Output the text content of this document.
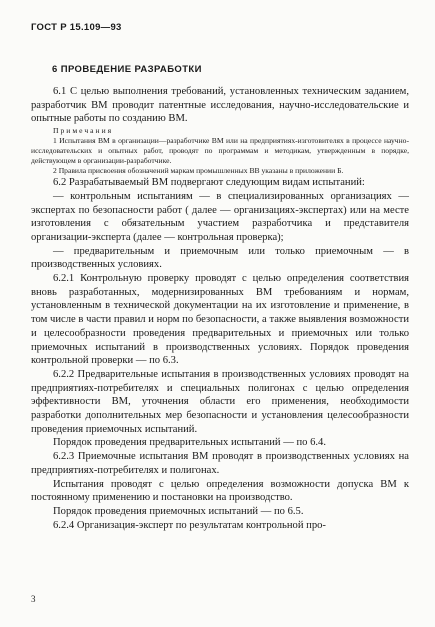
ГОСТ Р 15.109—93
6 ПРОВЕДЕНИЕ РАЗРАБОТКИ

6.1 С целью выполнения требований, установленных техническим заданием, разработчик ВМ проводит патентные исследования, научно-исследовательские и опытные работы по созданию ВМ.

Примечания

1 Испытания ВМ в организации—разработчике ВМ или на предприятиях-изготовителях в процессе научно-исследовательских и опытных работ, проводят по программам и методикам, утвержденным в порядке, действующем в организации-разработчике.

2 Правила присвоения обозначений маркам промышленных ВВ указаны в приложении Б.

6.2 Разрабатываемый ВМ подвергают следующим видам испытаний:

— контрольным испытаниям — в специализированных организациях — экспертах по безопасности работ ( далее — организациях-экспертах) или на месте изготовления с обязательным участием разработчика и представителя организации-эксперта (далее — контрольная проверка);

— предварительным и приемочным или только приемочным — в производственных условиях.

6.2.1 Контрольную проверку проводят с целью определения соответствия вновь разработанных, модернизированных ВМ требованиям и нормам, установленным в технической документации на их изготовление и применение, в том числе в части правил и норм по безопасности, а также выявления возможности и целесообразности проведения предварительных и приемочных или только приемочных испытаний в производственных условиях. Порядок проведения контрольной проверки — по 6.3.

6.2.2 Предварительные испытания в производственных условиях проводят на предприятиях-потребителях и специальных полигонах с целью определения эффективности ВМ, уточнения области его применения, необходимости разработки дополнительных мер безопасности и установления целесообразности проведения приемочных испытаний.

Порядок проведения предварительных испытаний — по 6.4.

6.2.3 Приемочные испытания ВМ проводят в производственных условиях на предприятиях-потребителях и полигонах.

Испытания проводят с целью определения возможности допуска ВМ к постоянному применению и постановки на производство.

Порядок проведения приемочных испытаний — по 6.5.

6.2.4 Организация-эксперт по результатам контрольной про-

3
